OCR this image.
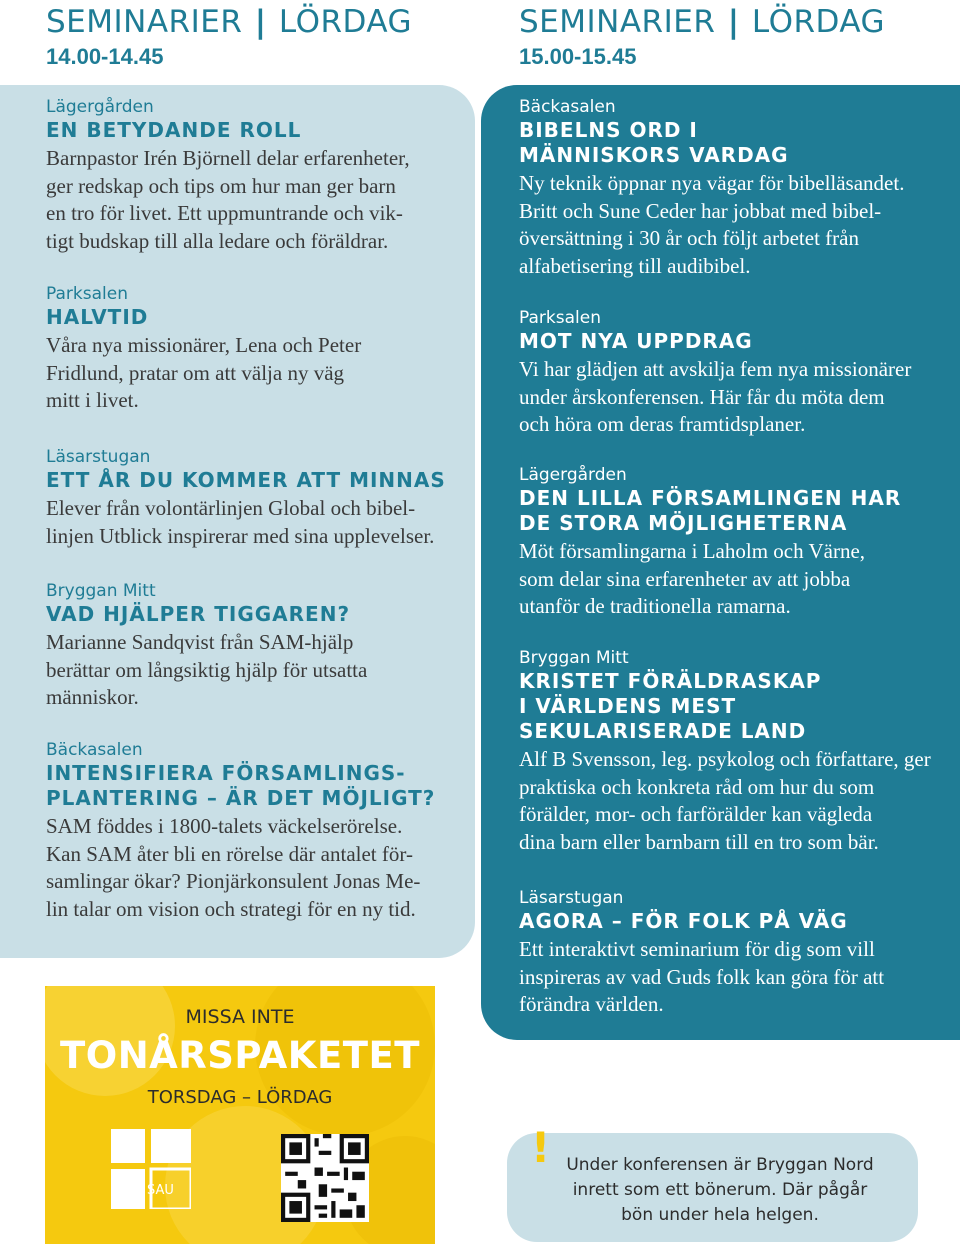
SEMINARIER | LÖRDAG
14.00-14.45
SEMINARIER | LÖRDAG
15.00-15.45
Lägergården
EN BETYDANDE ROLL
Barnpastor Irén Björnell delar erfarenheter,
ger redskap och tips om hur man ger barn
en tro för livet. Ett uppmuntrande och vik-
tigt budskap till alla ledare och föräldrar.
Parksalen
HALVTID
Våra nya missionärer, Lena och Peter
Fridlund, pratar om att välja ny väg
mitt i livet.
Läsarstugan
ETT ÅR DU KOMMER ATT MINNAS
Elever från volontärlinjen Global och bibel-
linjen Utblick inspirerar med sina upplevelser.
Bryggan Mitt
VAD HJÄLPER TIGGAREN?
Marianne Sandqvist från SAM-hjälp
berättar om långsiktig hjälp för utsatta
människor.
Bäckasalen
INTENSIFIERA FÖRSAMLINGS-
PLANTERING – ÄR DET MÖJLIGT?
SAM föddes i 1800-talets väckelserörelse.
Kan SAM åter bli en rörelse där antalet för-
samlingar ökar? Pionjärkonsulent Jonas Me-
lin talar om vision och strategi för en ny tid.
Bäckasalen
BIBELNS ORD I
MÄNNISKORS VARDAG
Ny teknik öppnar nya vägar för bibelläsandet.
Britt och Sune Ceder har jobbat med bibel-
översättning i 30 år och följt arbetet från
alfabetisering till audibibel.
Parksalen
MOT NYA UPPDRAG
Vi har glädjen att avskilja fem nya missionärer
under årskonferensen. Här får du möta dem
och höra om deras framtidsplaner.
Lägergården
DEN LILLA FÖRSAMLINGEN HAR
DE STORA MÖJLIGHETERNA
Möt församlingarna i Laholm och Värne,
som delar sina erfarenheter av att jobba
utanför de traditionella ramarna.
Bryggan Mitt
KRISTET FÖRÄLDRASKAP
I VÄRLDENS MEST
SEKULARISERADE LAND
Alf B Svensson, leg. psykolog och författare, ger
praktiska och konkreta råd om hur du som
förälder, mor- och farförälder kan vägleda
dina barn eller barnbarn till en tro som bär.
Läsarstugan
AGORA – FÖR FOLK PÅ VÄG
Ett interaktivt seminarium för dig som vill
inspireras av vad Guds folk kan göra för att
förändra världen.
MISSA INTE
TONÅRSPAKETET
TORSDAG – LÖRDAG
SAU
! Under konferensen är Bryggan Nord
inrett som ett bönerum. Där pågår
bön under hela helgen.
